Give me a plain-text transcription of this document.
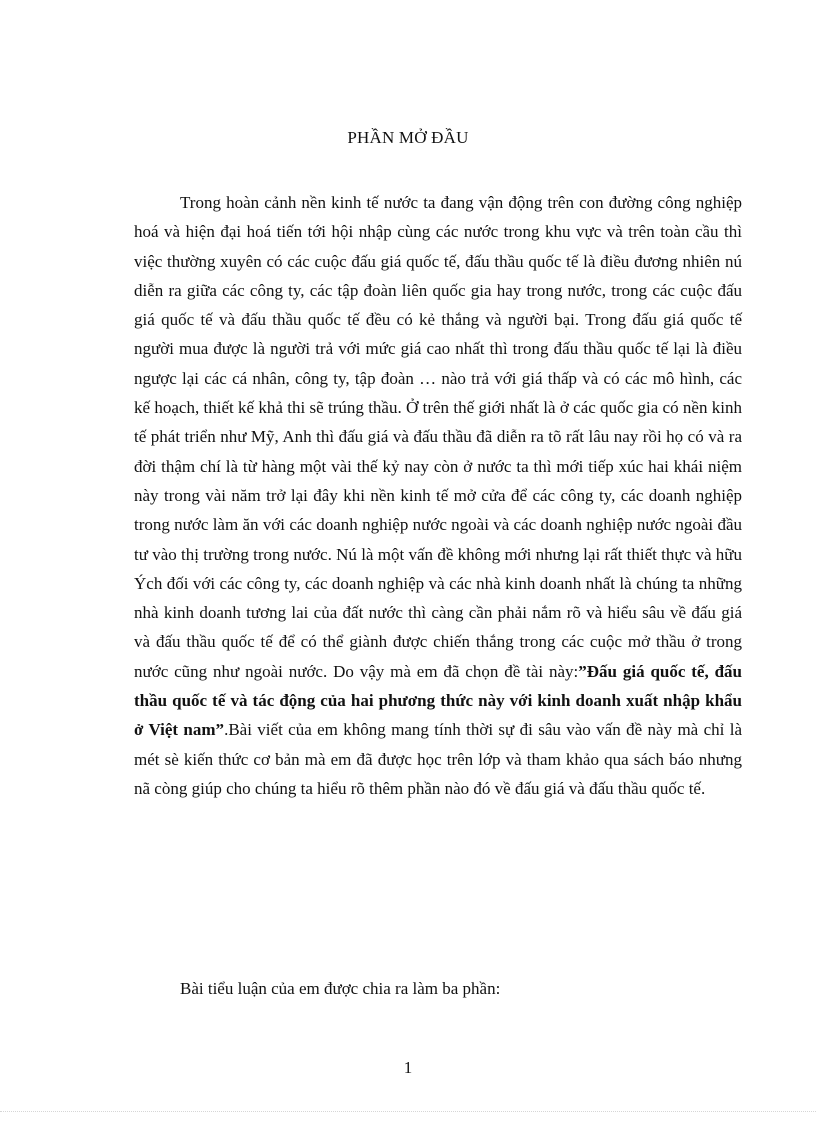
PHẦN MỞ ĐẦU

Trong hoàn cảnh nền kinh tế nước ta đang vận động trên con đường công nghiệp hoá và hiện đại hoá tiến tới hội nhập cùng các nước trong khu vực và trên toàn cầu thì việc thường xuyên có các cuộc đấu giá quốc tế, đấu thầu quốc tế là điều đương nhiên nú diễn ra giữa các công ty, các tập đoàn liên quốc gia hay trong nước, trong các cuộc đấu giá quốc tế và đấu thầu quốc tế đều có kẻ thắng và người bại. Trong đấu giá quốc tế người mua được là người trả với mức giá cao nhất thì trong đấu thầu quốc tế lại là điều ngược lại các cá nhân, công ty, tập đoàn … nào trả với giá thấp và có các mô hình, các kế hoạch, thiết kế khả thi sẽ trúng thầu. Ở trên thế giới nhất là ở các quốc gia có nền kinh tế phát triển như Mỹ, Anh thì đấu giá và đấu thầu đã diễn ra tõ rất lâu nay rồi họ có và ra đời thậm chí là từ hàng một vài thế kỷ nay còn ở nước ta thì mới tiếp xúc hai khái niệm này trong vài năm trở lại đây khi nền kinh tế mở cửa để các công ty, các doanh nghiệp trong nước làm ăn với các doanh nghiệp nước ngoài và các doanh nghiệp nước ngoài đầu tư vào thị trường trong nước. Nú là một vấn đề không mới nhưng lại rất thiết thực và hữu Ých đối với các công ty, các doanh nghiệp và các nhà kinh doanh nhất là chúng ta những nhà kinh doanh tương lai của đất nước thì càng cần phải nắm rõ và hiểu sâu về đấu giá và đấu thầu quốc tế để có thể giành được chiến thắng trong các cuộc mở thầu ở trong nước cũng như ngoài nước. Do vậy mà em đã chọn đề tài này:”Đấu giá quốc tế, đấu thầu quốc tế và tác động của hai phương thức này với kinh doanh xuất nhập khẩu ở Việt nam”.Bài viết của em không mang tính thời sự đi sâu vào vấn đề này mà chỉ là mét sè kiến thức cơ bản mà em đã được học trên lớp và tham khảo qua sách báo nhưng nã còng giúp cho chúng ta hiểu rõ thêm phần nào đó về đấu giá và đấu thầu quốc tế.

Bài tiểu luận của em được chia ra làm ba phần:
1
